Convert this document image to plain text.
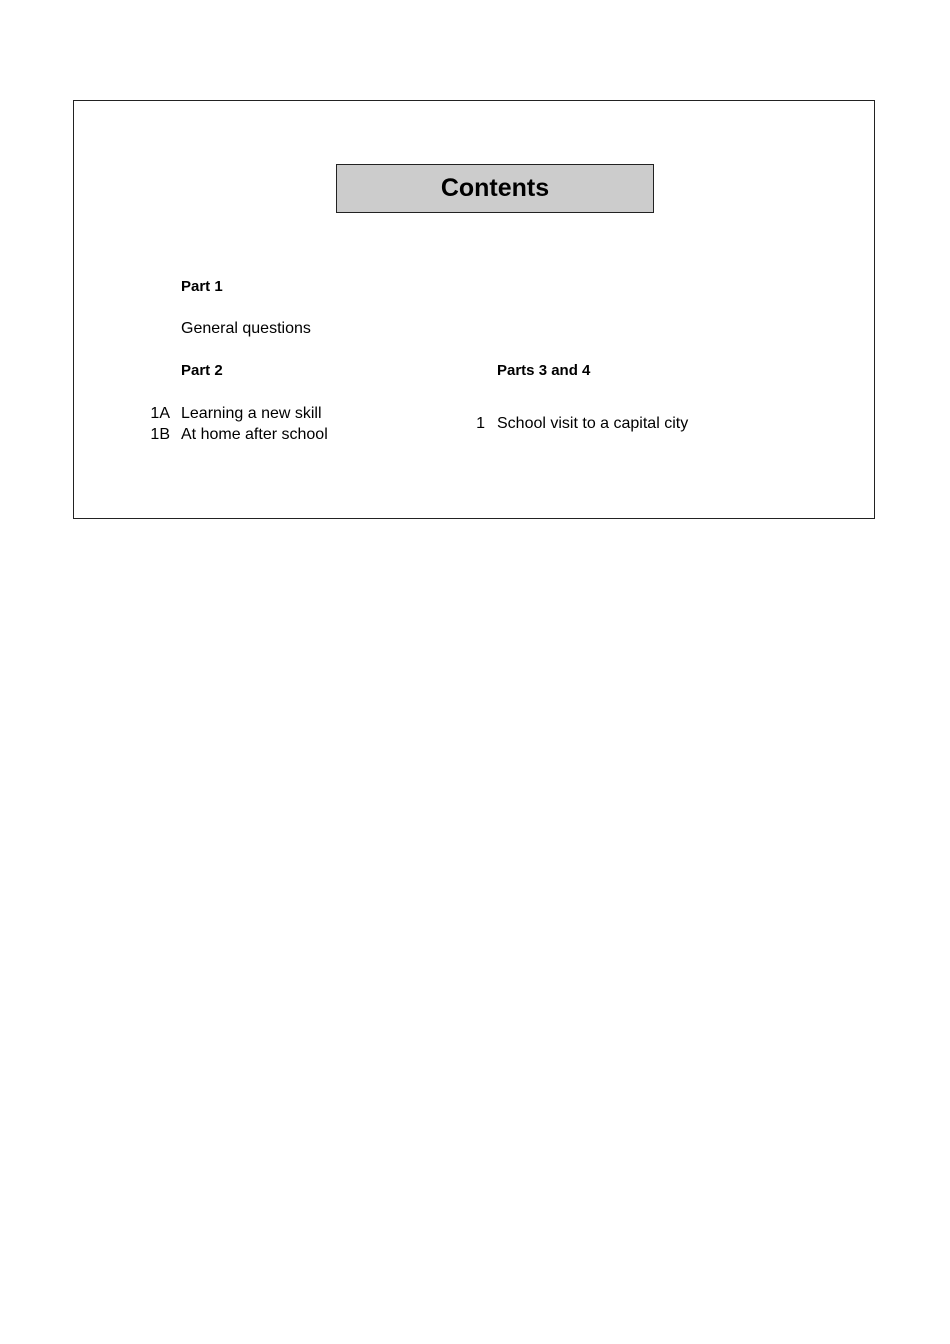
Contents
Part 1
General questions
Part 2
1A Learning a new skill
1B At home after school
Parts 3 and 4
1 School visit to a capital city
